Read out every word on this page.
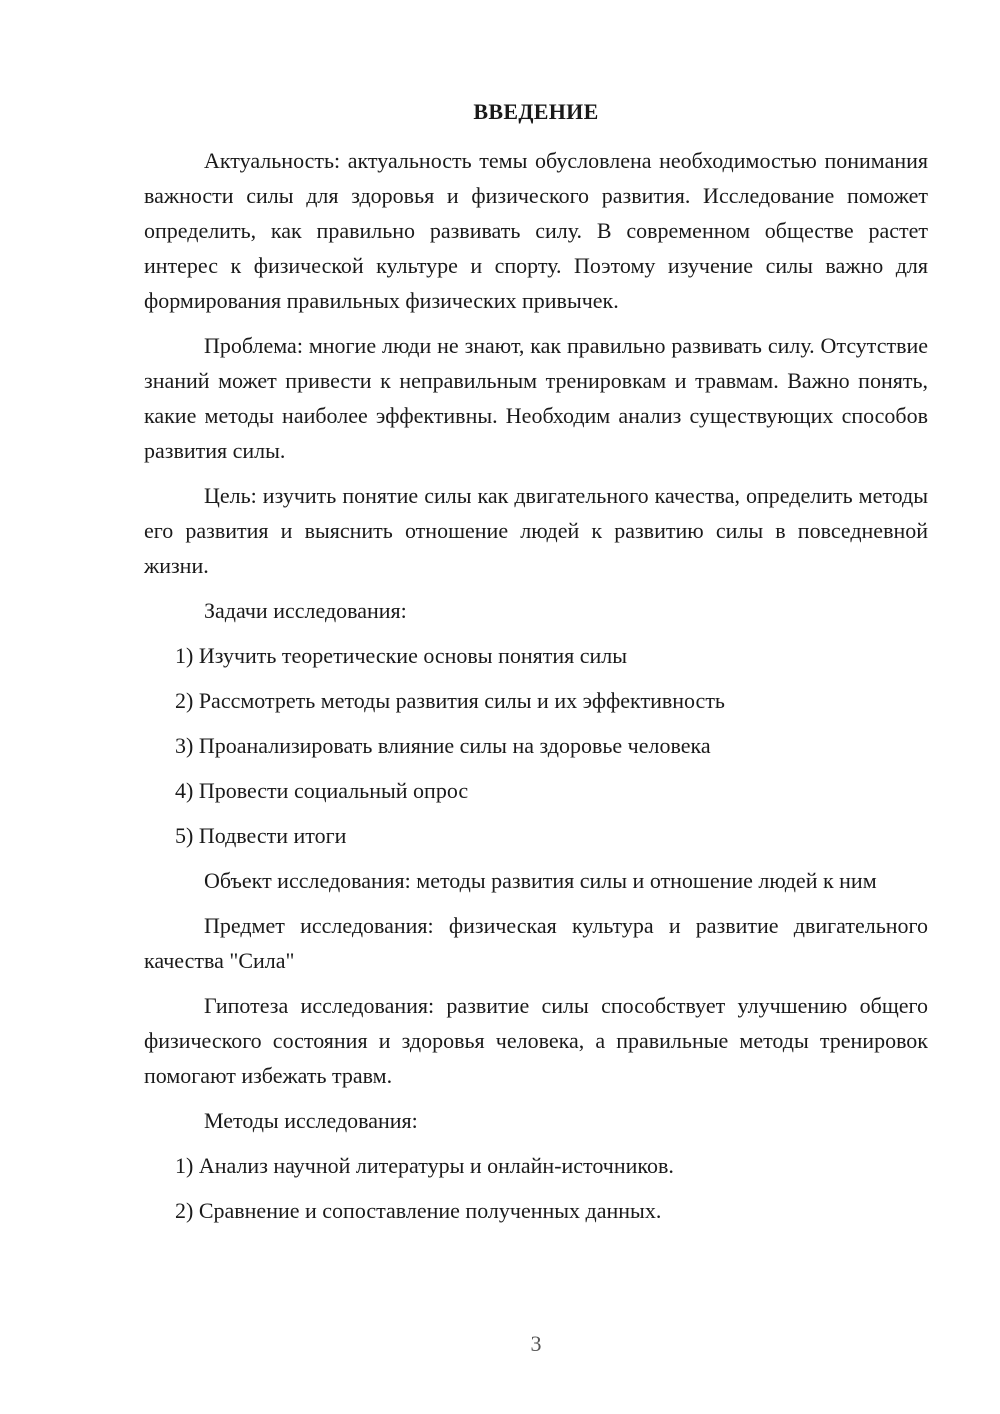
ВВЕДЕНИЕ

Актуальность: актуальность темы обусловлена необходимостью понимания важности силы для здоровья и физического развития. Исследование поможет определить, как правильно развивать силу. В современном обществе растет интерес к физической культуре и спорту. Поэтому изучение силы важно для формирования правильных физических привычек.

Проблема: многие люди не знают, как правильно развивать силу. Отсутствие знаний может привести к неправильным тренировкам и травмам. Важно понять, какие методы наиболее эффективны. Необходим анализ существующих способов развития силы.

Цель: изучить понятие силы как двигательного качества, определить методы его развития и выяснить отношение людей к развитию силы в повседневной жизни.

Задачи исследования:

1) Изучить теоретические основы понятия силы
2) Рассмотреть методы развития силы и их эффективность
3) Проанализировать влияние силы на здоровье человека
4) Провести социальный опрос
5) Подвести итоги

Объект исследования: методы развития силы и отношение людей к ним

Предмет исследования: физическая культура и развитие двигательного качества "Сила"

Гипотеза исследования: развитие силы способствует улучшению общего физического состояния и здоровья человека, а правильные методы тренировок помогают избежать травм.

Методы исследования:

1) Анализ научной литературы и онлайн-источников.
2) Сравнение и сопоставление полученных данных.
3
